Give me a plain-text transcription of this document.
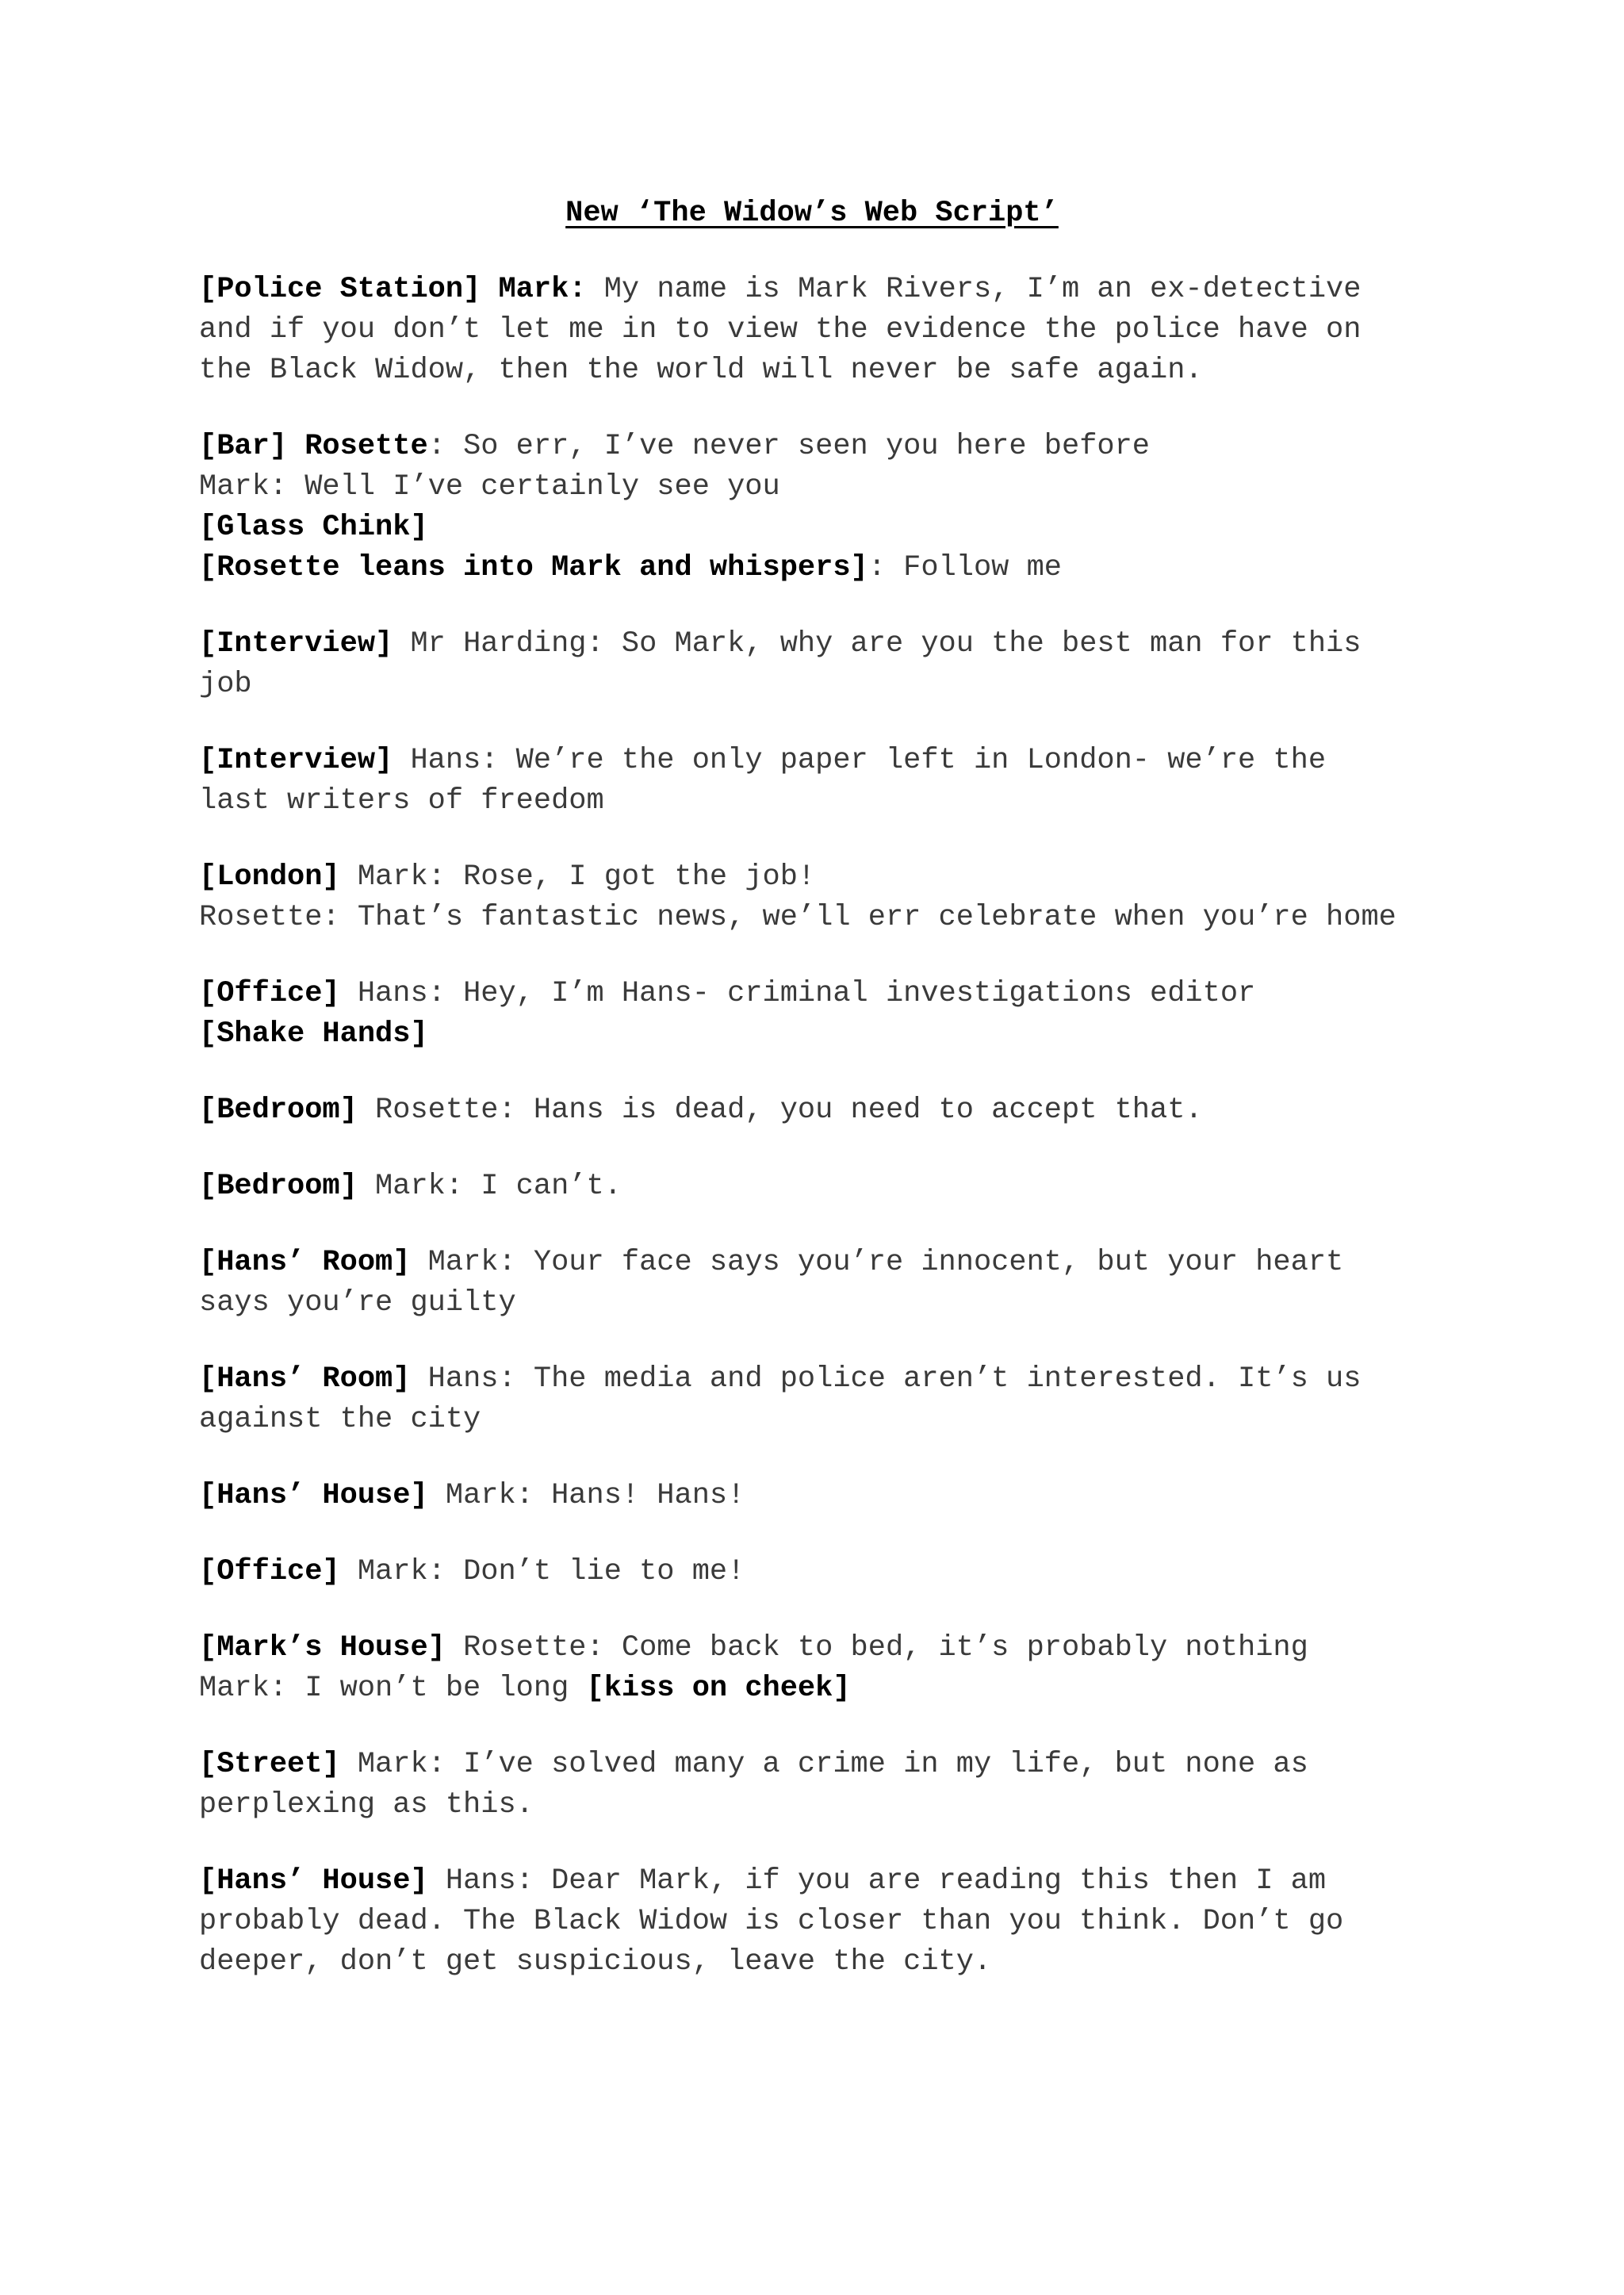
New ‘The Widow’s Web Script’
[Police Station] Mark: My name is Mark Rivers, I’m an ex-detective
and if you don’t let me in to view the evidence the police have on
the Black Widow, then the world will never be safe again.
[Bar] Rosette: So err, I’ve never seen you here before
Mark: Well I’ve certainly see you
[Glass Chink]
[Rosette leans into Mark and whispers]: Follow me
[Interview] Mr Harding: So Mark, why are you the best man for this
job
[Interview] Hans: We’re the only paper left in London- we’re the
last writers of freedom
[London] Mark: Rose, I got the job!
Rosette: That’s fantastic news, we’ll err celebrate when you’re home
[Office] Hans: Hey, I’m Hans- criminal investigations editor
[Shake Hands]
[Bedroom] Rosette: Hans is dead, you need to accept that.
[Bedroom] Mark: I can’t.
[Hans’ Room] Mark: Your face says you’re innocent, but your heart
says you’re guilty
[Hans’ Room] Hans: The media and police aren’t interested. It’s us
against the city
[Hans’ House] Mark: Hans! Hans!
[Office] Mark: Don’t lie to me!
[Mark’s House] Rosette: Come back to bed, it’s probably nothing
Mark: I won’t be long [kiss on cheek]
[Street] Mark: I’ve solved many a crime in my life, but none as
perplexing as this.
[Hans’ House] Hans: Dear Mark, if you are reading this then I am
probably dead. The Black Widow is closer than you think. Don’t go
deeper, don’t get suspicious, leave the city.
